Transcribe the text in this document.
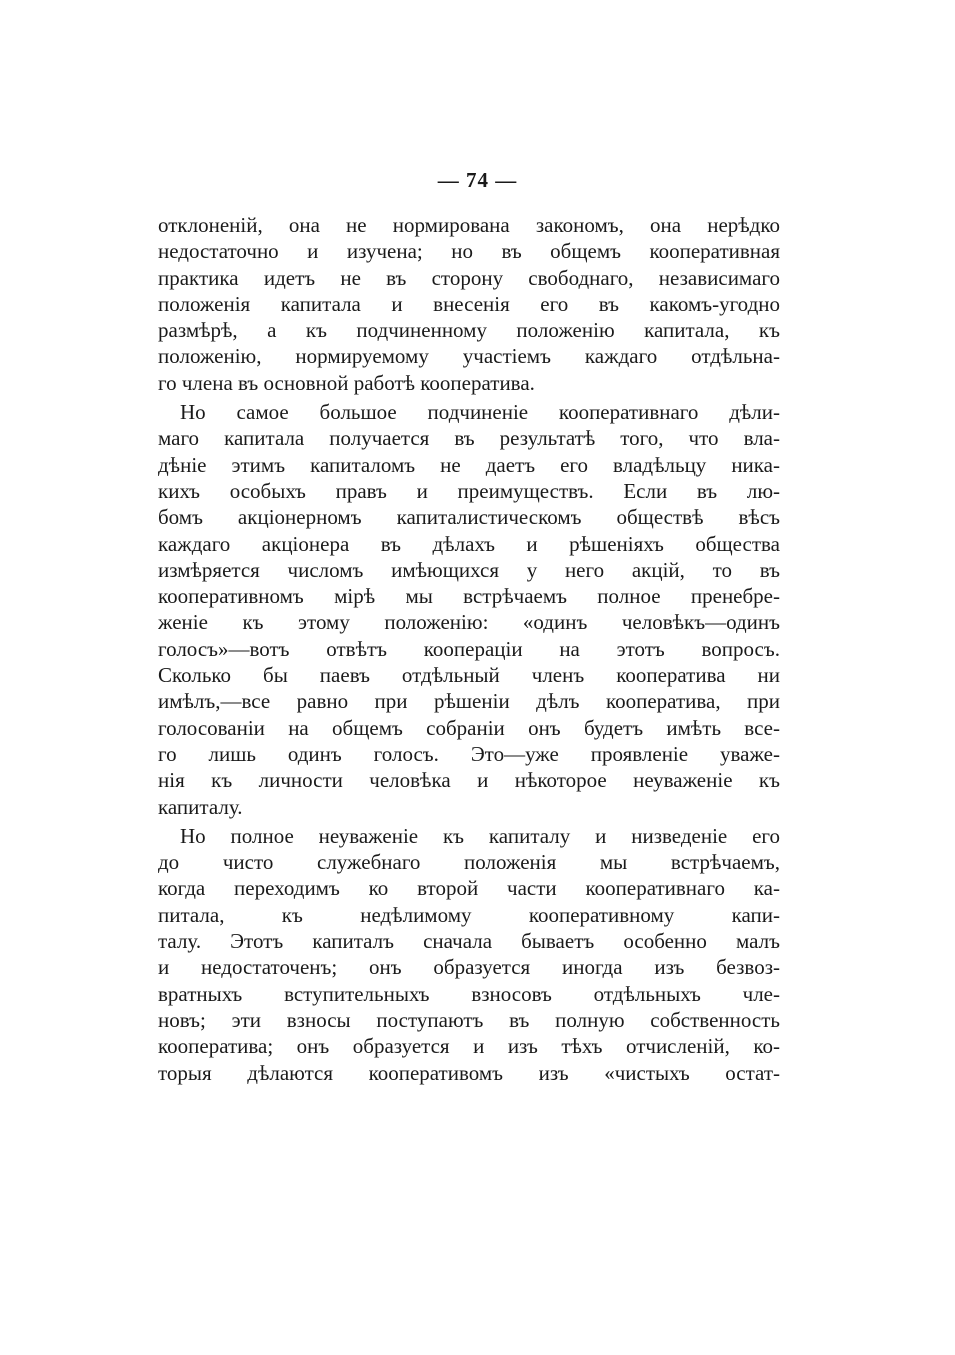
— 74 —
отклоненій, она не нормирована закономъ, она нерѣдко
недостаточно и изучена; но въ общемъ кооперативная
практика идетъ не въ сторону свободнаго, независимаго
положенія капитала и внесенія его въ какомъ-угодно
размѣрѣ, а къ подчиненному положенію капитала, къ
положенію, нормируемому участіемъ каждаго отдѣльна-
го члена въ основной работѣ кооператива.
Но самое большое подчиненіе кооперативнаго дѣли-
маго капитала получается въ результатѣ того, что вла-
дѣніе этимъ капиталомъ не даетъ его владѣльцу ника-
кихъ особыхъ правъ и преимуществъ. Если въ лю-
бомъ акціонерномъ капиталистическомъ обществѣ вѣсъ
каждаго акціонера въ дѣлахъ и рѣшеніяхъ общества
измѣряется числомъ имѣющихся у него акцій, то въ
кооперативномъ мірѣ мы встрѣчаемъ полное пренебре-
женіе къ этому положенію: «одинъ человѣкъ—одинъ
голосъ»—вотъ отвѣтъ кооперацiи на этотъ вопросъ.
Сколько бы паевъ отдѣльный членъ кооператива ни
имѣлъ,—все равно при рѣшеніи дѣлъ кооператива, при
голосованіи на общемъ собраніи онъ будетъ имѣть все-
го лишь одинъ голосъ. Это—уже проявленіе уваже-
нія къ личности человѣка и нѣкоторое неуваженіе къ
капиталу.
Но полное неуваженіе къ капиталу и низведеніе его
до чисто служебнаго положенія мы встрѣчаемъ,
когда переходимъ ко второй части кооперативнаго ка-
питала, къ недѣлимому кооперативному капи-
талу. Этотъ капиталъ сначала бываетъ особенно малъ
и недостаточенъ; онъ образуется иногда изъ безвоз-
вратныхъ вступительныхъ взносовъ отдѣльныхъ чле-
новъ; эти взносы поступаютъ въ полную собственность
кооператива; онъ образуется и изъ тѣхъ отчисленій, ко-
торыя дѣлаются кооперативомъ изъ «чистыхъ остат-
